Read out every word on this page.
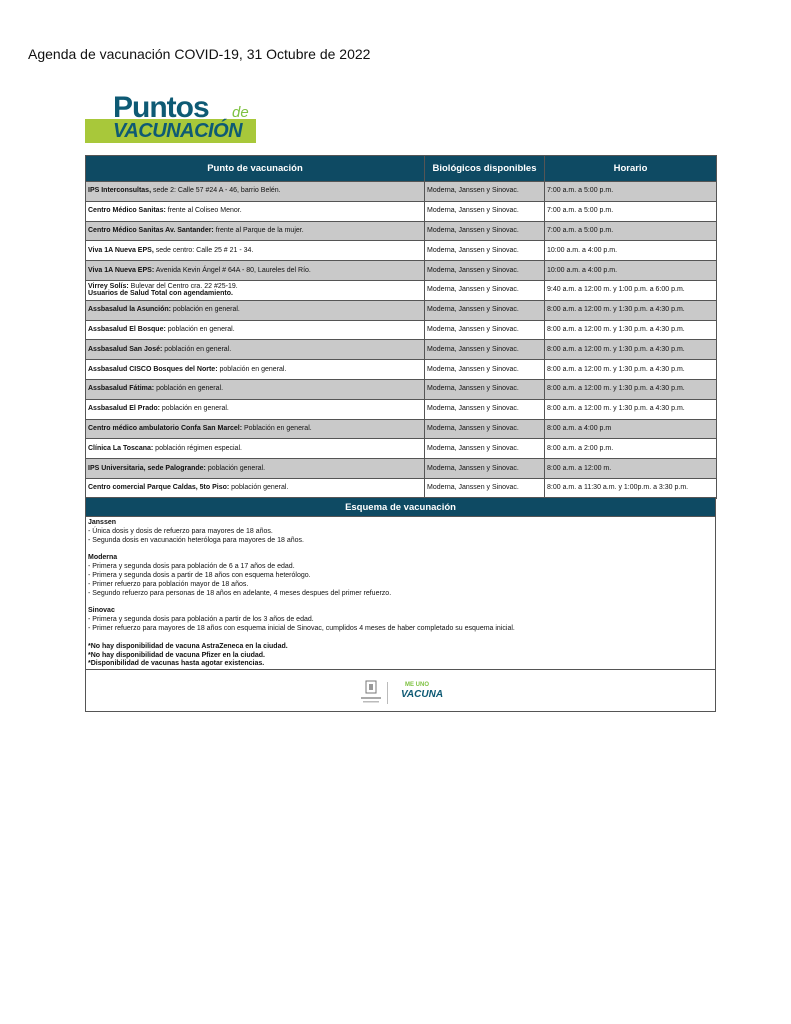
Agenda de vacunación COVID-19, 31 Octubre de 2022
Puntos de
VACUNACIÓN
Punto de vacunación	Biológicos disponibles	Horario
IPS Interconsultas, sede 2: Calle 57 #24 A - 46, barrio Belén.	Moderna, Janssen y Sinovac.	7:00 a.m. a 5:00 p.m.
Centro Médico Sanitas: frente al Coliseo Menor.	Moderna, Janssen y Sinovac.	7:00 a.m. a 5:00 p.m.
Centro Médico Sanitas Av. Santander: frente al Parque de la mujer.	Moderna, Janssen y Sinovac.	7:00 a.m. a 5:00 p.m.
Viva 1A Nueva EPS, sede centro: Calle 25 # 21 - 34.	Moderna, Janssen y Sinovac.	10:00 a.m. a 4:00 p.m.
Viva 1A Nueva EPS: Avenida Kevin Ángel # 64A - 80, Laureles del Río.	Moderna, Janssen y Sinovac.	10:00 a.m. a 4:00 p.m.
Virrey Solís: Bulevar del Centro cra. 22 #25-19.
Usuarios de Salud Total con agendamiento.	Moderna, Janssen y Sinovac.	9:40 a.m. a 12:00 m. y 1:00 p.m. a 6:00 p.m.
Assbasalud la Asunción: población en general.	Moderna, Janssen y Sinovac.	8:00 a.m. a 12:00 m. y 1:30 p.m. a 4:30 p.m.
Assbasalud El Bosque: población en general.	Moderna, Janssen y Sinovac.	8:00 a.m. a 12:00 m. y 1:30 p.m. a 4:30 p.m.
Assbasalud San José: población en general.	Moderna, Janssen y Sinovac.	8:00 a.m. a 12:00 m. y 1:30 p.m. a 4:30 p.m.
Assbasalud CISCO Bosques del Norte: población en general.	Moderna, Janssen y Sinovac.	8:00 a.m. a 12:00 m. y 1:30 p.m. a 4:30 p.m.
Assbasalud Fátima: población en general.	Moderna, Janssen y Sinovac.	8:00 a.m. a 12:00 m. y 1:30 p.m. a 4:30 p.m.
Assbasalud El Prado: población en general.	Moderna, Janssen y Sinovac.	8:00 a.m. a 12:00 m. y 1:30 p.m. a 4:30 p.m.
Centro médico ambulatorio Confa San Marcel: Población en general.	Moderna, Janssen y Sinovac.	8:00 a.m. a 4:00 p.m
Clínica La Toscana: población régimen especial.	Moderna, Janssen y Sinovac.	8:00 a.m. a 2:00 p.m.
IPS Universitaria, sede Palogrande: población general.	Moderna, Janssen y Sinovac.	8:00 a.m. a 12:00 m.
Centro comercial Parque Caldas, 5to Piso: población general.	Moderna, Janssen y Sinovac.	8:00 a.m. a 11:30 a.m. y 1:00p.m. a 3:30 p.m.
Esquema de vacunación
Janssen
- Única dosis y dosis de refuerzo para mayores de 18 años.
- Segunda dosis en vacunación heteróloga para mayores de 18 años.
Moderna
- Primera y segunda dosis para población de 6 a 17 años de edad.
- Primera y segunda dosis a partir de 18 años con esquema heterólogo.
- Primer refuerzo para población mayor de 18 años.
- Segundo refuerzo para personas de 18 años en adelante, 4 meses despues del primer refuerzo.
Sinovac
- Primera y segunda dosis para población a partir de los 3 años de edad.
- Primer refuerzo para mayores de 18 años con esquema inicial de Sinovac, cumplidos 4 meses de haber completado su esquema inicial.
*No hay disponibilidad de vacuna AstraZeneca en la ciudad.
*No hay disponibilidad de vacuna Pfizer en la ciudad.
*Disponibilidad de vacunas hasta agotar existencias.
ME UNO
VACUNA
